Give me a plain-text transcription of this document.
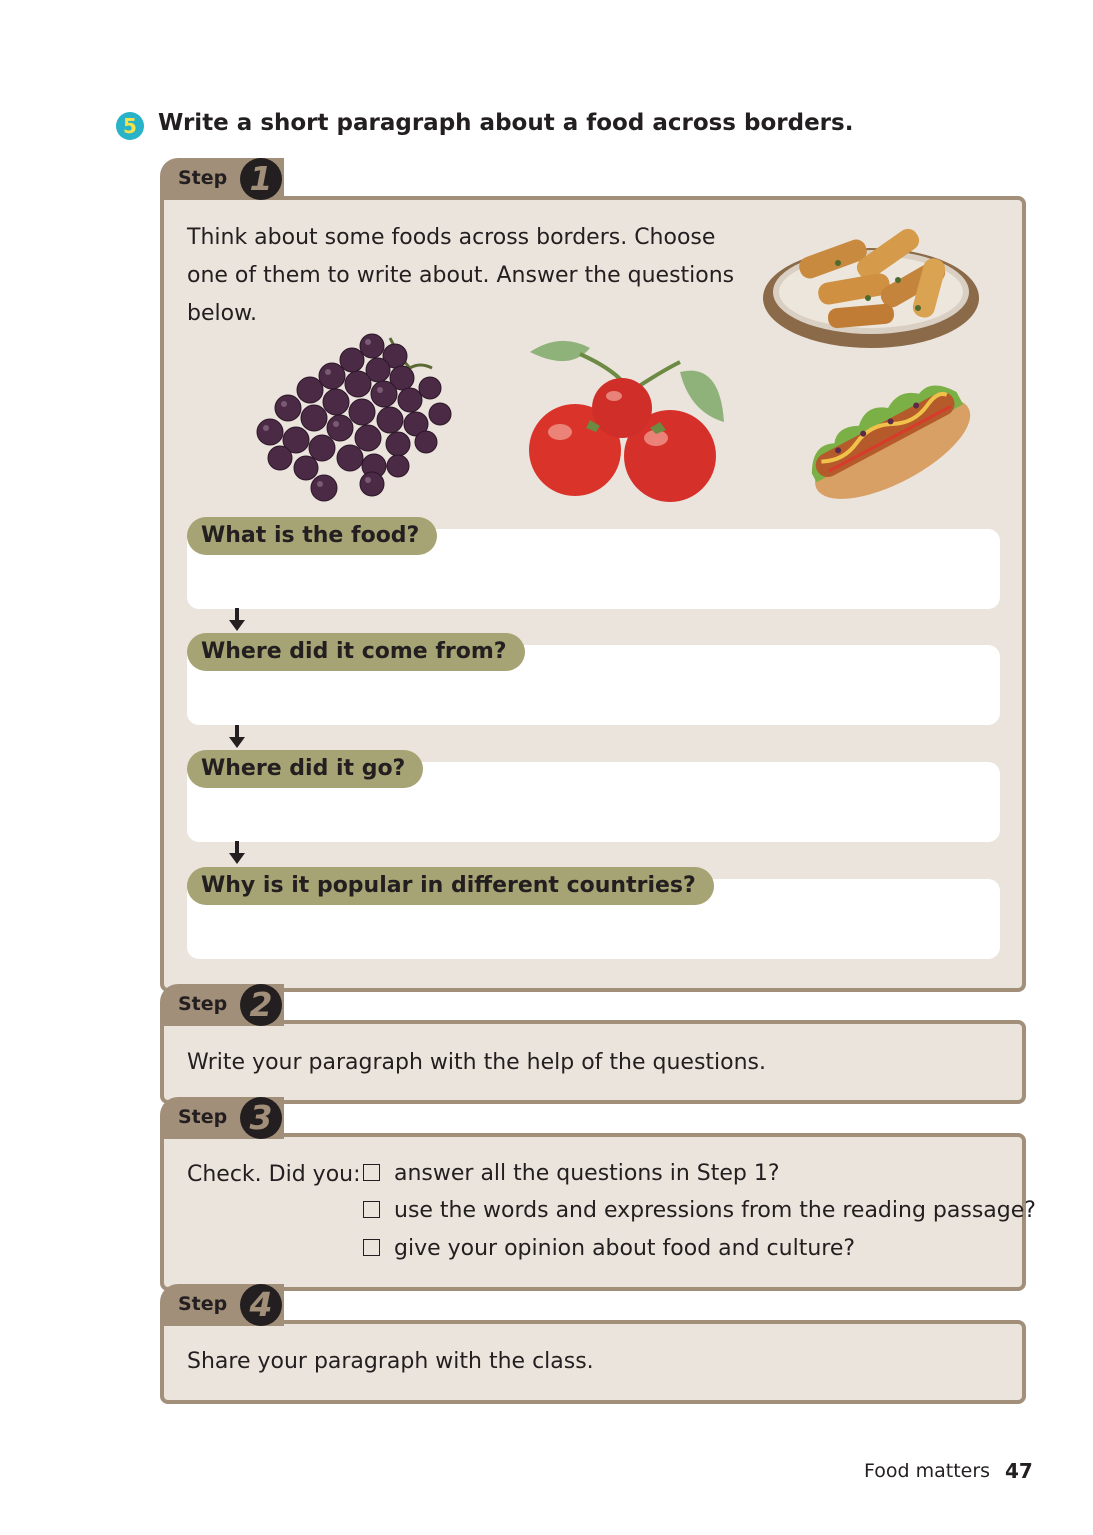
5 Write a short paragraph about a food across borders.
Step 1
Think about some foods across borders. Choose
one of them to write about. Answer the questions
below.
What is the food?
Where did it come from?
Where did it go?
Why is it popular in different countries?
Step 2
Write your paragraph with the help of the questions.
Step 3
Check. Did you:	answer all the questions in Step 1?
use the words and expressions from the reading passage?
give your opinion about food and culture?
Step 4
Share your paragraph with the class.
Food matters 47
